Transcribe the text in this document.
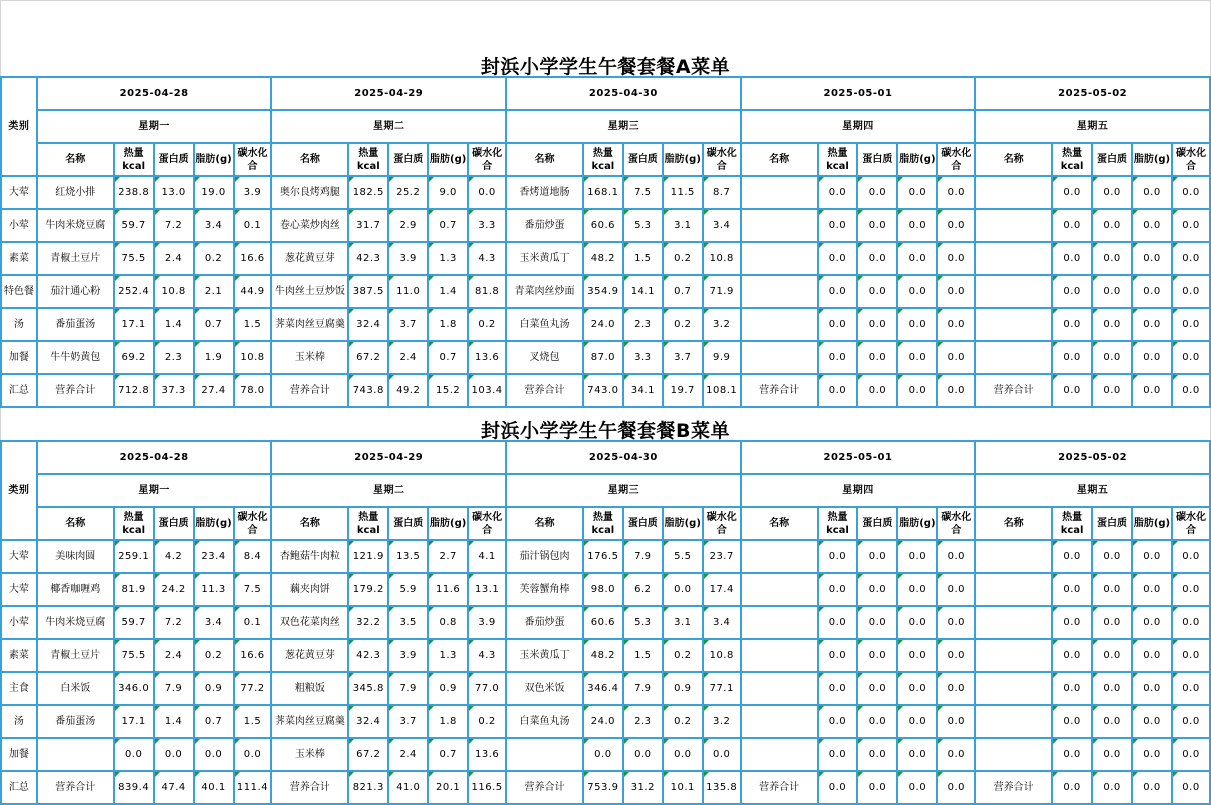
封浜小学学生午餐套餐A菜单
类别	2025-04-28					2025-04-29					2025-04-30					2025-05-01					2025-05-02				
	星期一					星期二					星期三					星期四					星期五				
	名称	热量kcal	蛋白质	脂肪(g)	碳水化合	名称	热量kcal	蛋白质	脂肪(g)	碳水化合	名称	热量kcal	蛋白质	脂肪(g)	碳水化合	名称	热量kcal	蛋白质	脂肪(g)	碳水化合	名称	热量kcal	蛋白质	脂肪(g)	碳水化合
大荤	红烧小排	238.8	13.0	19.0	3.9	奥尔良烤鸡腿	182.5	25.2	9.0	0.0	香烤道地肠	168.1	7.5	11.5	8.7		0.0	0.0	0.0	0.0		0.0	0.0	0.0	0.0
小荤	牛肉米烧豆腐	59.7	7.2	3.4	0.1	卷心菜炒肉丝	31.7	2.9	0.7	3.3	番茄炒蛋	60.6	5.3	3.1	3.4		0.0	0.0	0.0	0.0		0.0	0.0	0.0	0.0
素菜	青椒土豆片	75.5	2.4	0.2	16.6	葱花黄豆芽	42.3	3.9	1.3	4.3	玉米黄瓜丁	48.2	1.5	0.2	10.8		0.0	0.0	0.0	0.0		0.0	0.0	0.0	0.0
特色餐	茄汁通心粉	252.4	10.8	2.1	44.9	牛肉丝土豆炒饭	387.5	11.0	1.4	81.8	青菜肉丝炒面	354.9	14.1	0.7	71.9		0.0	0.0	0.0	0.0		0.0	0.0	0.0	0.0
汤	番茄蛋汤	17.1	1.4	0.7	1.5	荠菜肉丝豆腐羹	32.4	3.7	1.8	0.2	白菜鱼丸汤	24.0	2.3	0.2	3.2		0.0	0.0	0.0	0.0		0.0	0.0	0.0	0.0
加餐	牛牛奶黄包	69.2	2.3	1.9	10.8	玉米棒	67.2	2.4	0.7	13.6	叉烧包	87.0	3.3	3.7	9.9		0.0	0.0	0.0	0.0		0.0	0.0	0.0	0.0
汇总	营养合计	712.8	37.3	27.4	78.0	营养合计	743.8	49.2	15.2	103.4	营养合计	743.0	34.1	19.7	108.1	营养合计	0.0	0.0	0.0	0.0	营养合计	0.0	0.0	0.0	0.0
封浜小学学生午餐套餐B菜单
类别	2025-04-28					2025-04-29					2025-04-30					2025-05-01					2025-05-02				
	星期一					星期二					星期三					星期四					星期五				
	名称	热量kcal	蛋白质	脂肪(g)	碳水化合	名称	热量kcal	蛋白质	脂肪(g)	碳水化合	名称	热量kcal	蛋白质	脂肪(g)	碳水化合	名称	热量kcal	蛋白质	脂肪(g)	碳水化合	名称	热量kcal	蛋白质	脂肪(g)	碳水化合
大荤	美味肉圆	259.1	4.2	23.4	8.4	杏鲍菇牛肉粒	121.9	13.5	2.7	4.1	茄汁锅包肉	176.5	7.9	5.5	23.7		0.0	0.0	0.0	0.0		0.0	0.0	0.0	0.0
大荤	椰香咖喱鸡	81.9	24.2	11.3	7.5	藕夹肉饼	179.2	5.9	11.6	13.1	芙蓉蟹角棒	98.0	6.2	0.0	17.4		0.0	0.0	0.0	0.0		0.0	0.0	0.0	0.0
小荤	牛肉米烧豆腐	59.7	7.2	3.4	0.1	双色花菜肉丝	32.2	3.5	0.8	3.9	番茄炒蛋	60.6	5.3	3.1	3.4		0.0	0.0	0.0	0.0		0.0	0.0	0.0	0.0
素菜	青椒土豆片	75.5	2.4	0.2	16.6	葱花黄豆芽	42.3	3.9	1.3	4.3	玉米黄瓜丁	48.2	1.5	0.2	10.8		0.0	0.0	0.0	0.0		0.0	0.0	0.0	0.0
主食	白米饭	346.0	7.9	0.9	77.2	粗粮饭	345.8	7.9	0.9	77.0	双色米饭	346.4	7.9	0.9	77.1		0.0	0.0	0.0	0.0		0.0	0.0	0.0	0.0
汤	番茄蛋汤	17.1	1.4	0.7	1.5	荠菜肉丝豆腐羹	32.4	3.7	1.8	0.2	白菜鱼丸汤	24.0	2.3	0.2	3.2		0.0	0.0	0.0	0.0		0.0	0.0	0.0	0.0
加餐		0.0	0.0	0.0	0.0	玉米棒	67.2	2.4	0.7	13.6		0.0	0.0	0.0	0.0		0.0	0.0	0.0	0.0		0.0	0.0	0.0	0.0
汇总	营养合计	839.4	47.4	40.1	111.4	营养合计	821.3	41.0	20.1	116.5	营养合计	753.9	31.2	10.1	135.8	营养合计	0.0	0.0	0.0	0.0	营养合计	0.0	0.0	0.0	0.0
